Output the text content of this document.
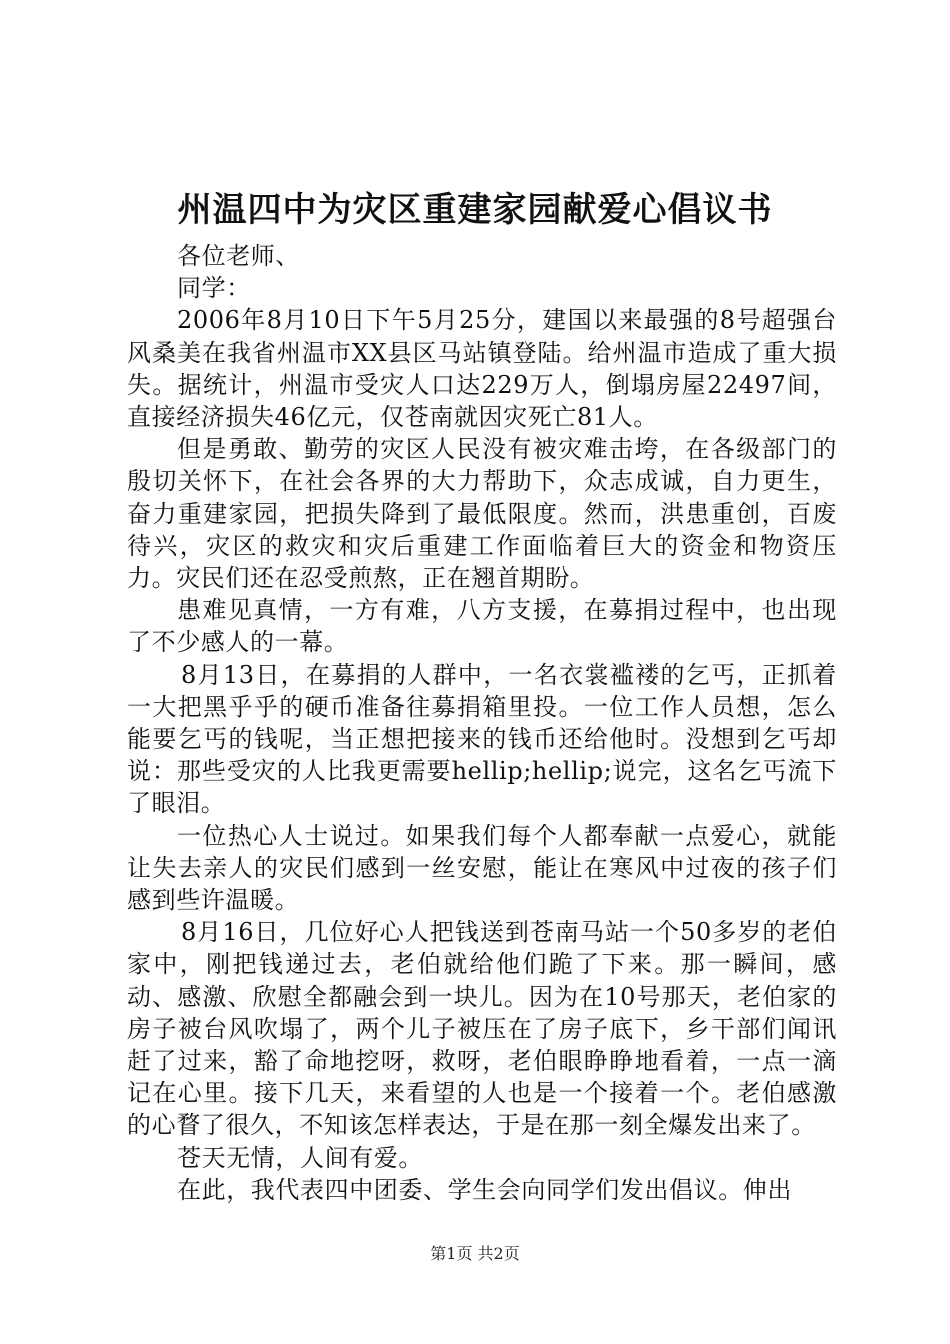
州温四中为灾区重建家园献爱心倡议书

各位老师、

同学：

2006年8月10日下午5月25分，建国以来最强的8号超强台风桑美在我省州温市XX县区马站镇登陆。给州温市造成了重大损失。据统计，州温市受灾人口达229万人，倒塌房屋22497间，直接经济损失46亿元，仅苍南就因灾死亡81人。

但是勇敢、勤劳的灾区人民没有被灾难击垮，在各级部门的殷切关怀下，在社会各界的大力帮助下，众志成诚，自力更生，奋力重建家园，把损失降到了最低限度。然而，洪患重创，百废待兴，灾区的救灾和灾后重建工作面临着巨大的资金和物资压力。灾民们还在忍受煎熬，正在翘首期盼。

患难见真情，一方有难，八方支援，在募捐过程中，也出现了不少感人的一幕。

8月13日，在募捐的人群中，一名衣裳褴褛的乞丐，正抓着一大把黑乎乎的硬币准备往募捐箱里投。一位工作人员想，怎么能要乞丐的钱呢，当正想把接来的钱币还给他时。没想到乞丐却说：那些受灾的人比我更需要hellip;hellip;说完，这名乞丐流下了眼泪。

一位热心人士说过。如果我们每个人都奉献一点爱心，就能让失去亲人的灾民们感到一丝安慰，能让在寒风中过夜的孩子们感到些许温暖。

8月16日，几位好心人把钱送到苍南马站一个50多岁的老伯家中，刚把钱递过去，老伯就给他们跪了下来。那一瞬间，感动、感激、欣慰全都融会到一块儿。因为在10号那天，老伯家的房子被台风吹塌了，两个儿子被压在了房子底下，乡干部们闻讯赶了过来，豁了命地挖呀，救呀，老伯眼睁睁地看着，一点一滴记在心里。接下几天，来看望的人也是一个接着一个。老伯感激的心瞀了很久，不知该怎样表达，于是在那一刻全爆发出来了。

苍天无情，人间有爱。

在此，我代表四中团委、学生会向同学们发出倡议。伸出

第1页 共2页
